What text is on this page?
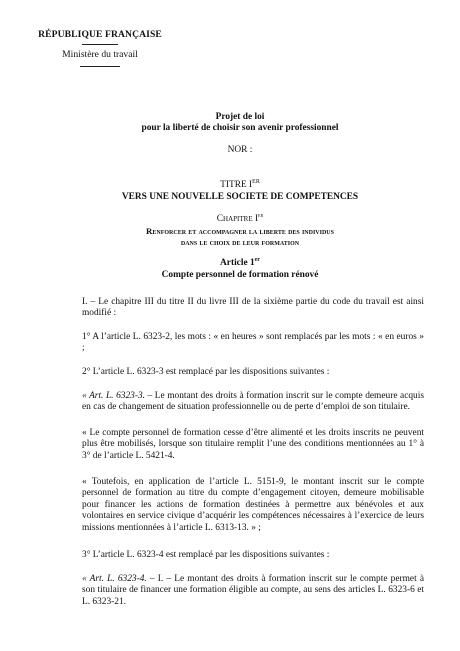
RÉPUBLIQUE FRANÇAISE
Ministère du travail
Projet de loi
pour la liberté de choisir son avenir professionnel
NOR :
TITRE IER
VERS UNE NOUVELLE SOCIETE DE COMPETENCES
Chapitre Ier
Renforcer et accompagner la liberte des individus
dans le choix de leur formation
Article 1er
Compte personnel de formation rénové
I. – Le chapitre III du titre II du livre III de la sixième partie du code du travail est ainsi modifié :
1° A l’article L. 6323-2, les mots : « en heures » sont remplacés par les mots : « en euros » ;
2° L’article L. 6323-3 est remplacé par les dispositions suivantes :
« Art. L. 6323-3. – Le montant des droits à formation inscrit sur le compte demeure acquis en cas de changement de situation professionnelle ou de perte d’emploi de son titulaire.
« Le compte personnel de formation cesse d’être alimenté et les droits inscrits ne peuvent plus être mobilisés, lorsque son titulaire remplit l’une des conditions mentionnées au 1° à 3° de l’article L. 5421-4.
« Toutefois, en application de l’article L. 5151-9, le montant inscrit sur le compte personnel de formation au titre du compte d’engagement citoyen, demeure mobilisable pour financer les actions de formation destinées à permettre aux bénévoles et aux volontaires en service civique d’acquérir les compétences nécessaires à l’exercice de leurs missions mentionnées à l’article L. 6313-13. » ;
3° L’article L. 6323-4 est remplacé par les dispositions suivantes :
« Art. L. 6323-4. – I. – Le montant des droits à formation inscrit sur le compte permet à son titulaire de financer une formation éligible au compte, au sens des articles L. 6323-6 et L. 6323-21.
